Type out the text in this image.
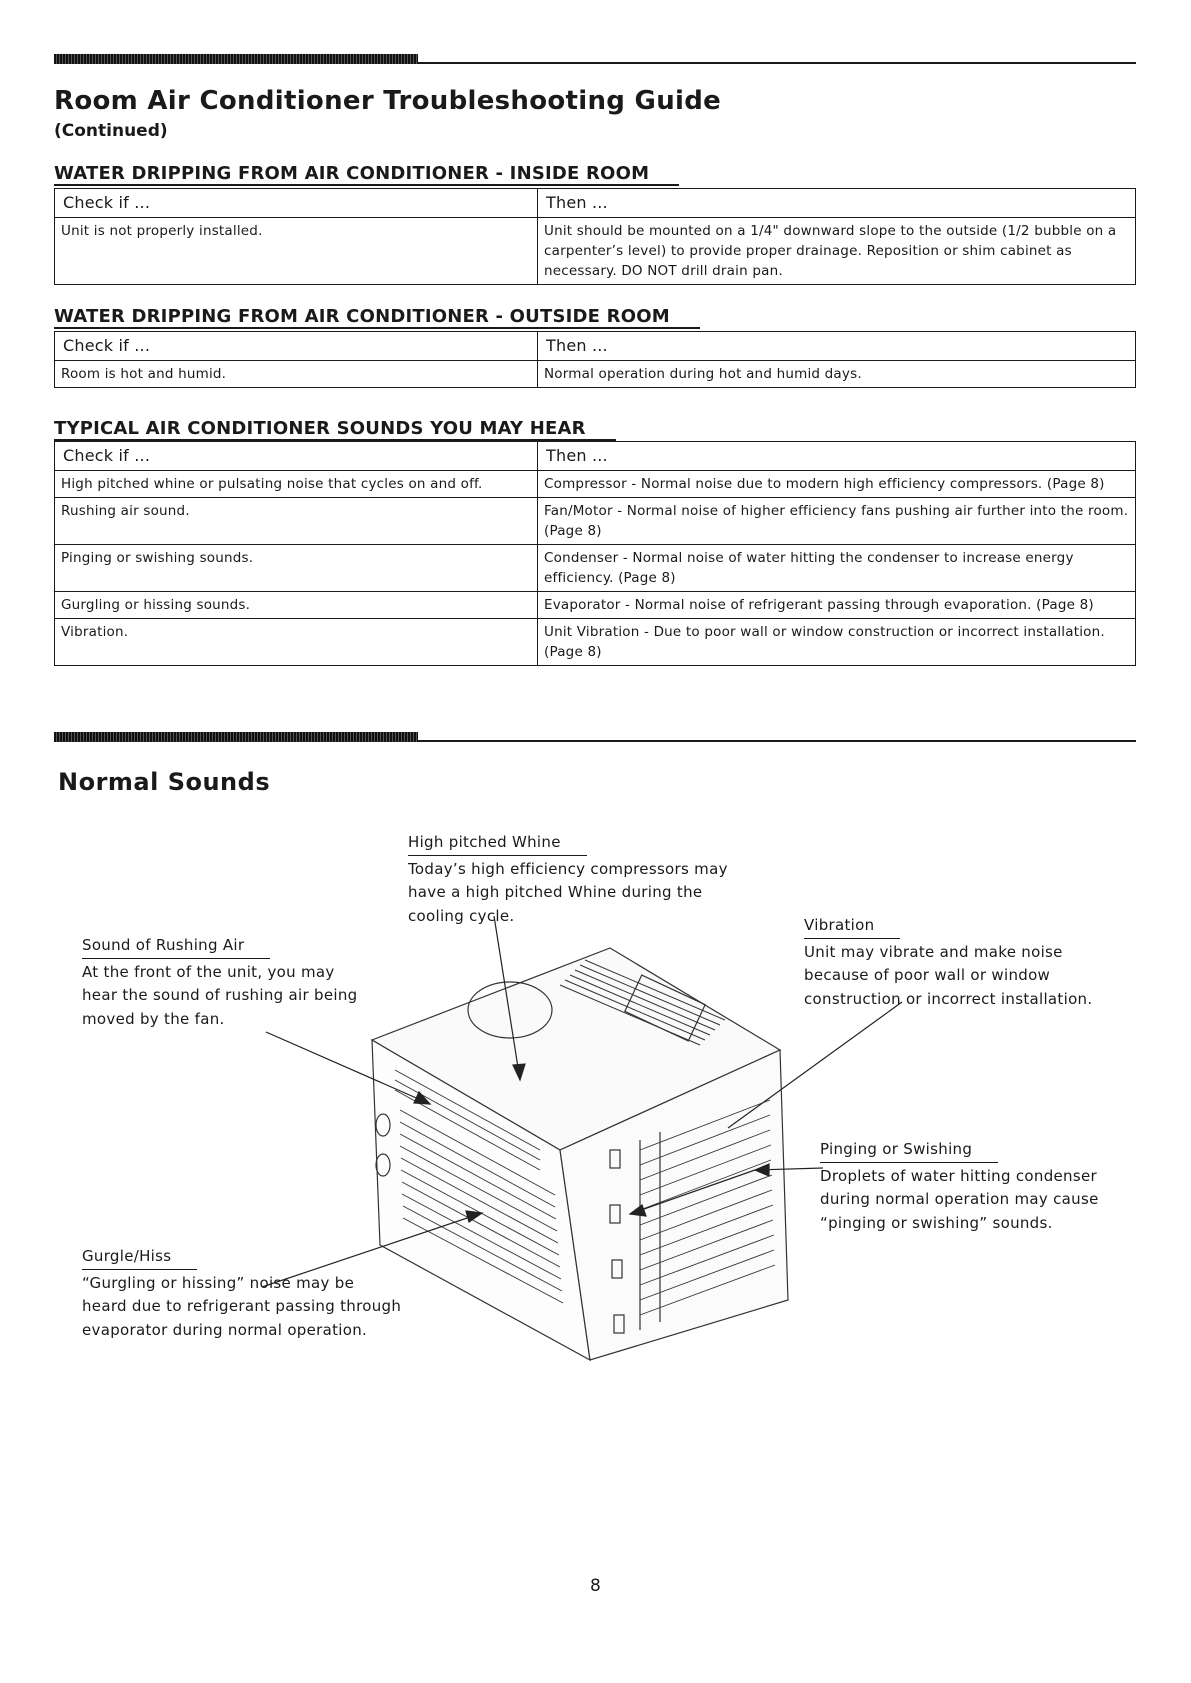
Room Air Conditioner Troubleshooting Guide
(Continued)
WATER DRIPPING FROM AIR CONDITIONER - INSIDE ROOM
Check if ...	Then ...
Unit is not properly installed.	Unit should be mounted on a 1/4" downward slope to the outside (1/2 bubble on a carpenter’s level) to provide proper drainage. Reposition or shim cabinet as necessary. DO NOT drill drain pan.
WATER DRIPPING FROM AIR CONDITIONER - OUTSIDE ROOM
Check if ...	Then ...
Room is hot and humid.	Normal operation during hot and humid days.
TYPICAL AIR CONDITIONER SOUNDS YOU MAY HEAR
Check if ...	Then ...
High pitched whine or pulsating noise that cycles on and off.	Compressor - Normal noise due to modern high efficiency compressors. (Page 8)
Rushing air sound.	Fan/Motor - Normal noise of higher efficiency fans pushing air further into the room. (Page 8)
Pinging or swishing sounds.	Condenser - Normal noise of water hitting the condenser to increase energy efficiency. (Page 8)
Gurgling or hissing sounds.	Evaporator - Normal noise of refrigerant passing through evaporation. (Page 8)
Vibration.	Unit Vibration - Due to poor wall or window construction or incorrect installation. (Page 8)
Normal Sounds
High pitched Whine
Today’s high efficiency compressors may have a high pitched Whine during the cooling cycle.
Sound of Rushing Air
At the front of the unit, you may hear the sound of rushing air being moved by the fan.
Vibration
Unit may vibrate and make noise because of poor wall or window construction or incorrect installation.
Pinging or Swishing
Droplets of water hitting condenser during normal operation may cause “pinging or swishing” sounds.
Gurgle/Hiss
“Gurgling or hissing” noise may be heard due to refrigerant passing through evaporator during normal operation.
8
